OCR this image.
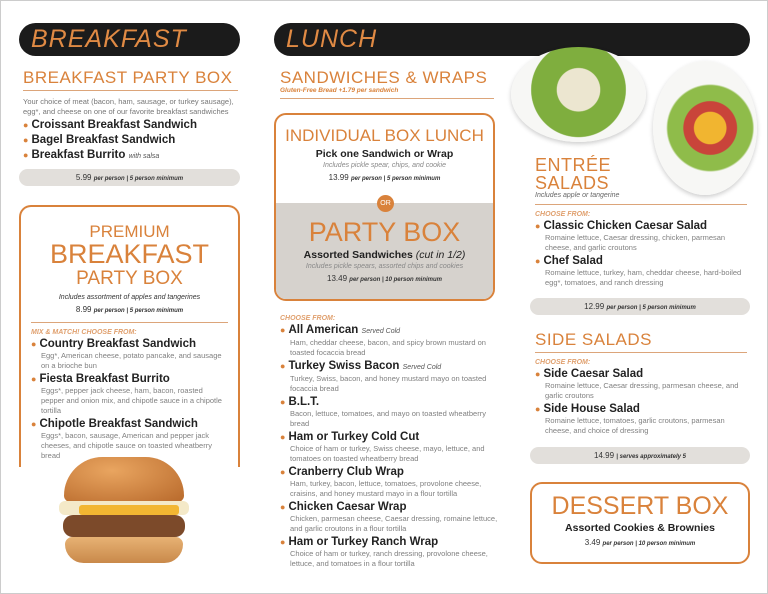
BREAKFAST
BREAKFAST PARTY BOX
Your choice of meat (bacon, ham, sausage, or turkey sausage), egg*, and cheese on one of our favorite breakfast sandwiches
● Croissant Breakfast Sandwich
● Bagel Breakfast Sandwich
● Breakfast Burrito with salsa
5.99 per person | 5 person minimum
PREMIUM
BREAKFAST
PARTY BOX
Includes assortment of apples and tangerines
8.99 per person | 5 person minimum
MIX & MATCH! CHOOSE FROM:
● Country Breakfast Sandwich
Egg*, American cheese, potato pancake, and sausage on a brioche bun
● Fiesta Breakfast Burrito
Eggs*, pepper jack cheese, ham, bacon, roasted pepper and onion mix, and chipotle sauce in a chipotle tortilla
● Chipotle Breakfast Sandwich
Eggs*, bacon, sausage, American and pepper jack cheeses, and chipotle sauce on toasted wheatberry bread
LUNCH
SANDWICHES & WRAPS
Gluten-Free Bread +1.79 per sandwich
INDIVIDUAL BOX LUNCH
Pick one Sandwich or Wrap
Includes pickle spear, chips, and cookie
13.99 per person | 5 person minimum
OR
PARTY BOX
Assorted Sandwiches (cut in 1/2)
Includes pickle spears, assorted chips and cookies
13.49 per person | 10 person minimum
CHOOSE FROM:
● All American Served Cold
Ham, cheddar cheese, bacon, and spicy brown mustard on toasted focaccia bread
● Turkey Swiss Bacon Served Cold
Turkey, Swiss, bacon, and honey mustard mayo on toasted focaccia bread
● B.L.T.
Bacon, lettuce, tomatoes, and mayo on toasted wheatberry bread
● Ham or Turkey Cold Cut
Choice of ham or turkey, Swiss cheese, mayo, lettuce, and tomatoes on toasted wheatberry bread
● Cranberry Club Wrap
Ham, turkey, bacon, lettuce, tomatoes, provolone cheese, craisins, and honey mustard mayo in a flour tortilla
● Chicken Caesar Wrap
Chicken, parmesan cheese, Caesar dressing, romaine lettuce, and garlic croutons in a flour tortilla
● Ham or Turkey Ranch Wrap
Choice of ham or turkey, ranch dressing, provolone cheese, lettuce, and tomatoes in a flour tortilla
ENTRÉE
SALADS
Includes apple or tangerine
CHOOSE FROM:
● Classic Chicken Caesar Salad
Romaine lettuce, Caesar dressing, chicken, parmesan cheese, and garlic croutons
● Chef Salad
Romaine lettuce, turkey, ham, cheddar cheese, hard-boiled egg*, tomatoes, and ranch dressing
12.99 per person | 5 person minimum
SIDE SALADS
CHOOSE FROM:
● Side Caesar Salad
Romaine lettuce, Caesar dressing, parmesan cheese, and garlic croutons
● Side House Salad
Romaine lettuce, tomatoes, garlic croutons, parmesan cheese, and choice of dressing
14.99 | serves approximately 5
DESSERT BOX
Assorted Cookies & Brownies
3.49 per person | 10 person minimum
